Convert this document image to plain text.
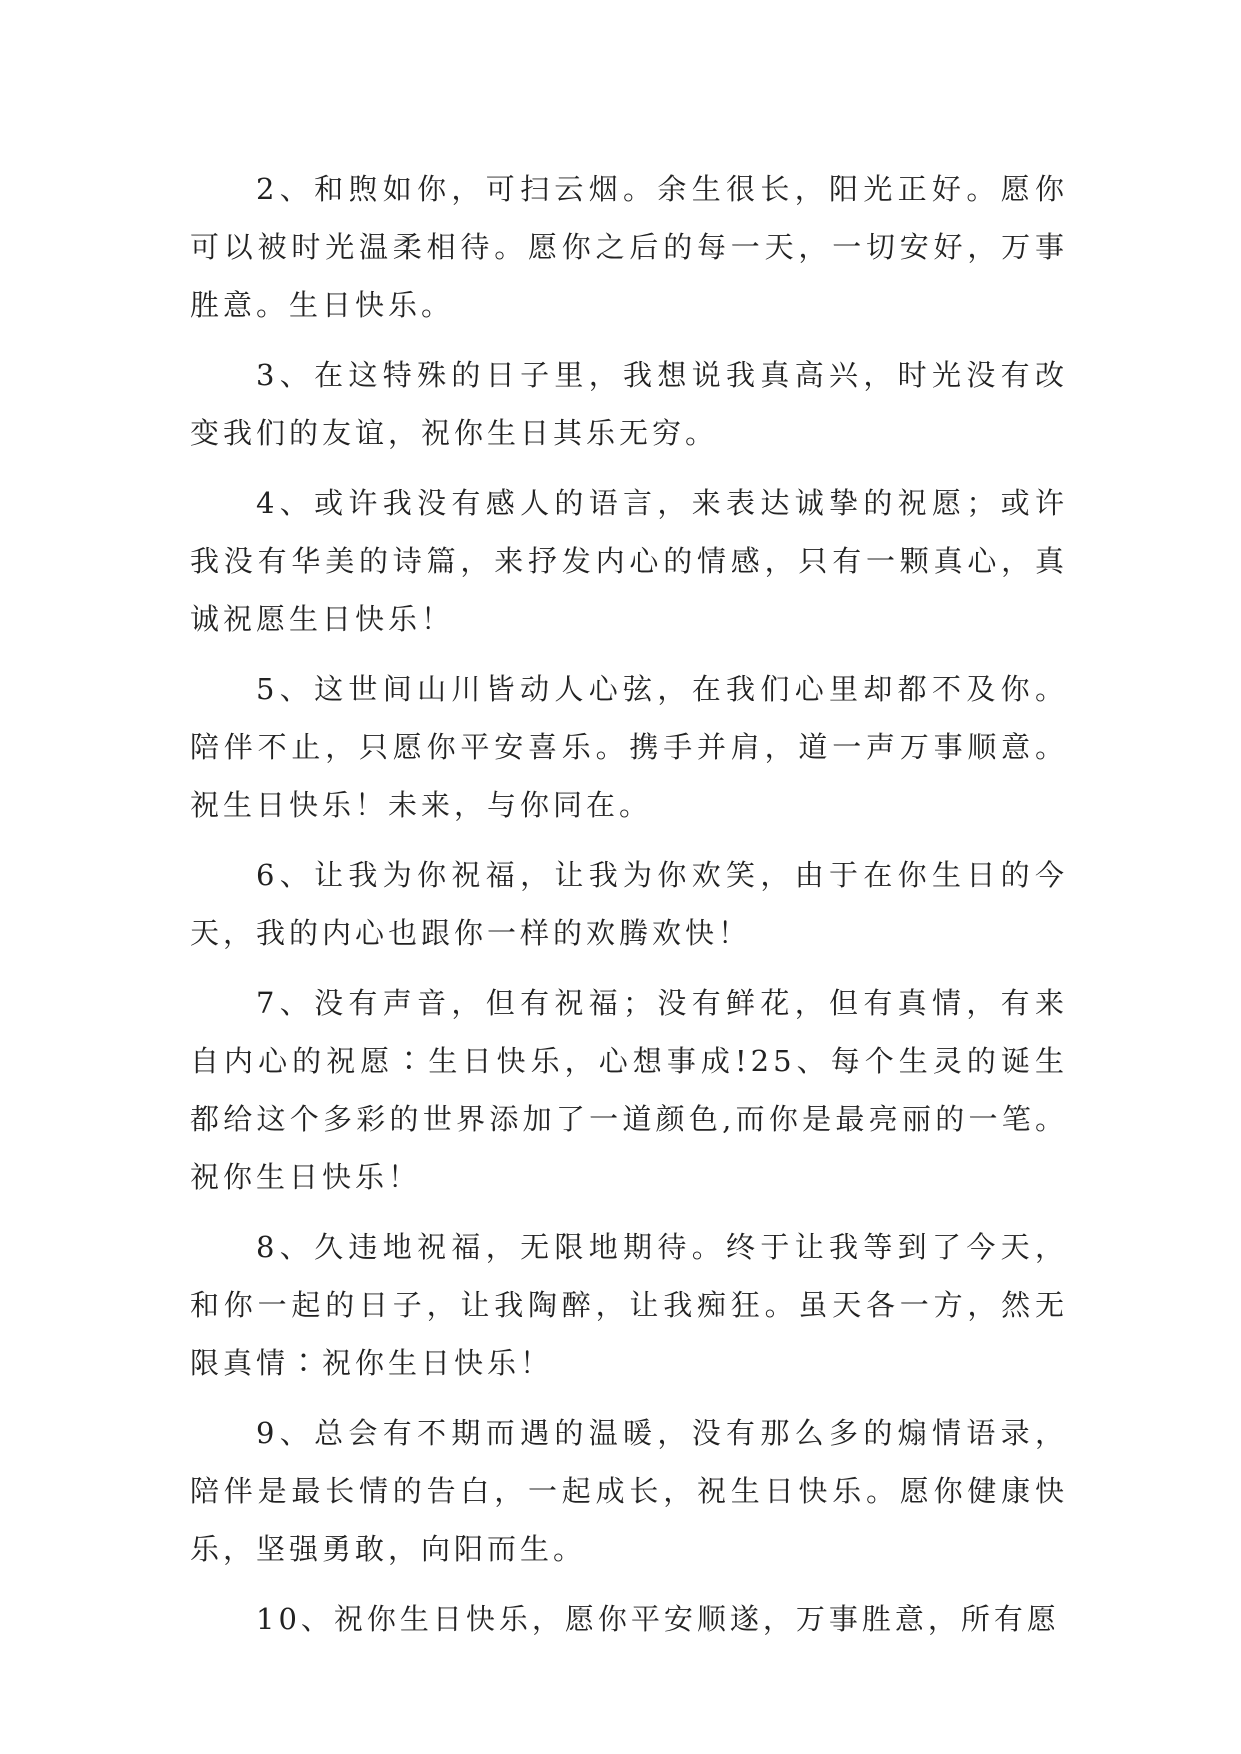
2、和煦如你，可扫云烟。余生很长，阳光正好。愿你可以被时光温柔相待。愿你之后的每一天，一切安好，万事胜意。生日快乐。

3、在这特殊的日子里，我想说我真高兴，时光没有改变我们的友谊，祝你生日其乐无穷。

4、或许我没有感人的语言，来表达诚挚的祝愿；或许我没有华美的诗篇，来抒发内心的情感，只有一颗真心，真诚祝愿生日快乐！

5、这世间山川皆动人心弦，在我们心里却都不及你。陪伴不止，只愿你平安喜乐。携手并肩，道一声万事顺意。祝生日快乐！未来，与你同在。

6、让我为你祝福，让我为你欢笑，由于在你生日的今天，我的内心也跟你一样的欢腾欢快！

7、没有声音，但有祝福；没有鲜花，但有真情，有来自内心的祝愿∶生日快乐，心想事成!25、每个生灵的诞生都给这个多彩的世界添加了一道颜色,而你是最亮丽的一笔。祝你生日快乐！

8、久违地祝福，无限地期待。终于让我等到了今天，和你一起的日子，让我陶醉，让我痴狂。虽天各一方，然无限真情∶祝你生日快乐！

9、总会有不期而遇的温暖，没有那么多的煽情语录，陪伴是最长情的告白，一起成长，祝生日快乐。愿你健康快乐，坚强勇敢，向阳而生。

10、祝你生日快乐，愿你平安顺遂，万事胜意，所有愿
